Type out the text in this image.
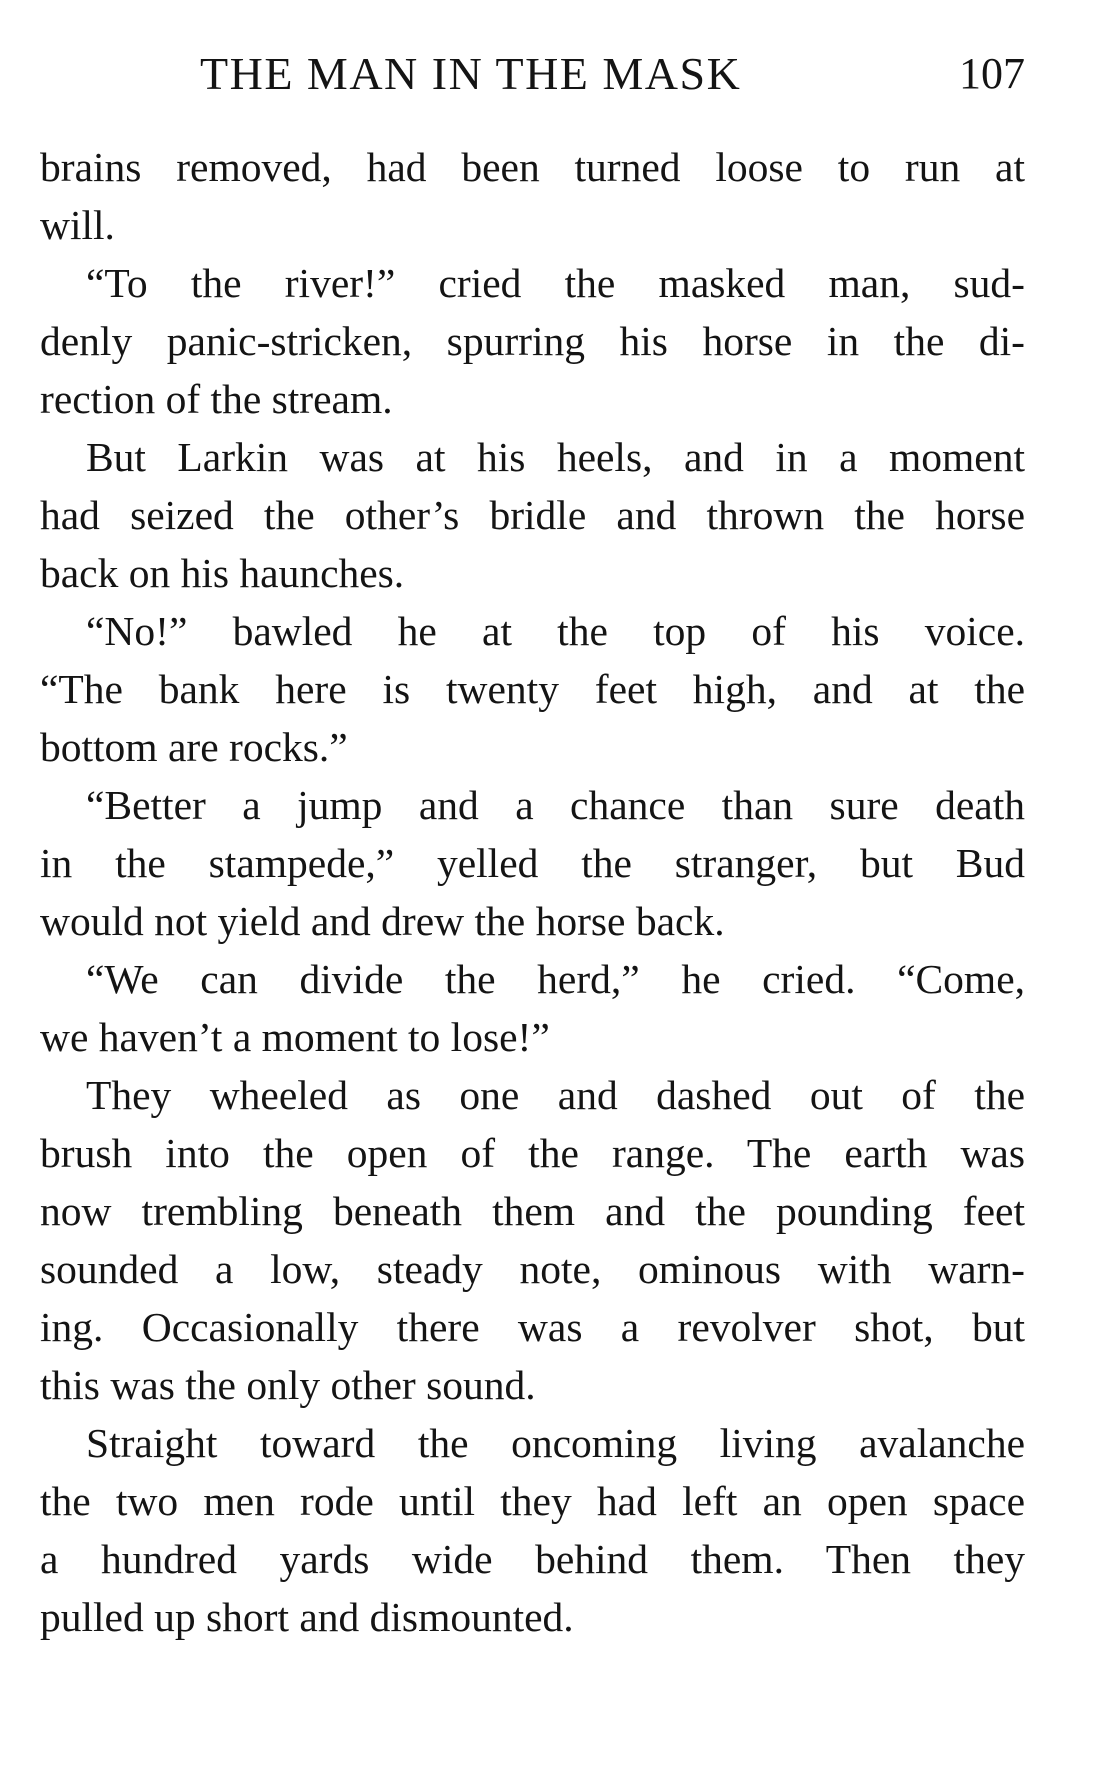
THE MAN IN THE MASK	107
brains removed, had been turned loose to run at
will.
“To the river!” cried the masked man, sud-
denly panic-stricken, spurring his horse in the di-
rection of the stream.
But Larkin was at his heels, and in a moment
had seized the other’s bridle and thrown the horse
back on his haunches.
“No!” bawled he at the top of his voice.
“The bank here is twenty feet high, and at the
bottom are rocks.”
“Better a jump and a chance than sure death
in the stampede,” yelled the stranger, but Bud
would not yield and drew the horse back.
“We can divide the herd,” he cried. “Come,
we haven’t a moment to lose!”
They wheeled as one and dashed out of the
brush into the open of the range. The earth was
now trembling beneath them and the pounding feet
sounded a low, steady note, ominous with warn-
ing. Occasionally there was a revolver shot, but
this was the only other sound.
Straight toward the oncoming living avalanche
the two men rode until they had left an open space
a hundred yards wide behind them. Then they
pulled up short and dismounted.
